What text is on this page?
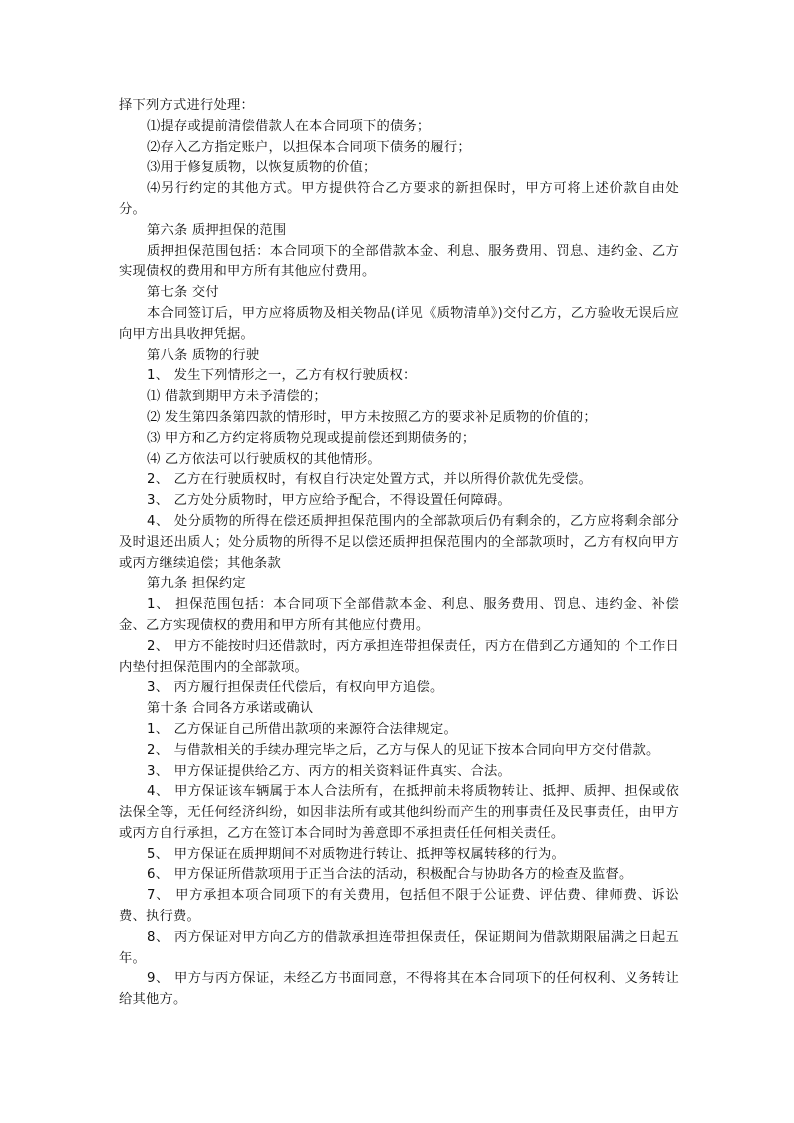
择下列方式进行处理：

⑴提存或提前清偿借款人在本合同项下的债务；

⑵存入乙方指定账户，以担保本合同项下债务的履行；

⑶用于修复质物，以恢复质物的价值；

⑷另行约定的其他方式。甲方提供符合乙方要求的新担保时，甲方可将上述价款自由处分。

第六条 质押担保的范围

质押担保范围包括：本合同项下的全部借款本金、利息、服务费用、罚息、违约金、乙方实现债权的费用和甲方所有其他应付费用。

第七条 交付

本合同签订后，甲方应将质物及相关物品(详见《质物清单》)交付乙方，乙方验收无误后应向甲方出具收押凭据。

第八条 质物的行驶

1、 发生下列情形之一，乙方有权行驶质权：

⑴ 借款到期甲方未予清偿的；

⑵ 发生第四条第四款的情形时，甲方未按照乙方的要求补足质物的价值的；

⑶ 甲方和乙方约定将质物兑现或提前偿还到期债务的；

⑷ 乙方依法可以行驶质权的其他情形。

2、 乙方在行驶质权时，有权自行决定处置方式，并以所得价款优先受偿。

3、 乙方处分质物时，甲方应给予配合，不得设置任何障碍。

4、 处分质物的所得在偿还质押担保范围内的全部款项后仍有剩余的，乙方应将剩余部分及时退还出质人；处分质物的所得不足以偿还质押担保范围内的全部款项时，乙方有权向甲方或丙方继续追偿；其他条款

第九条 担保约定

1、 担保范围包括：本合同项下全部借款本金、利息、服务费用、罚息、违约金、补偿金、乙方实现债权的费用和甲方所有其他应付费用。

2、 甲方不能按时归还借款时，丙方承担连带担保责任，丙方在借到乙方通知的 个工作日内垫付担保范围内的全部款项。

3、 丙方履行担保责任代偿后，有权向甲方追偿。

第十条 合同各方承诺或确认

1、 乙方保证自己所借出款项的来源符合法律规定。

2、 与借款相关的手续办理完毕之后，乙方与保人的见证下按本合同向甲方交付借款。

3、 甲方保证提供给乙方、丙方的相关资料证件真实、合法。

4、 甲方保证该车辆属于本人合法所有，在抵押前未将质物转让、抵押、质押、担保或依法保全等，无任何经济纠纷，如因非法所有或其他纠纷而产生的刑事责任及民事责任，由甲方或丙方自行承担，乙方在签订本合同时为善意即不承担责任任何相关责任。

5、 甲方保证在质押期间不对质物进行转让、抵押等权属转移的行为。

6、 甲方保证所借款项用于正当合法的活动，积极配合与协助各方的检查及监督。

7、 甲方承担本项合同项下的有关费用，包括但不限于公证费、评估费、律师费、诉讼费、执行费。

8、 丙方保证对甲方向乙方的借款承担连带担保责任，保证期间为借款期限届满之日起五年。

9、 甲方与丙方保证，未经乙方书面同意，不得将其在本合同项下的任何权利、义务转让给其他方。
